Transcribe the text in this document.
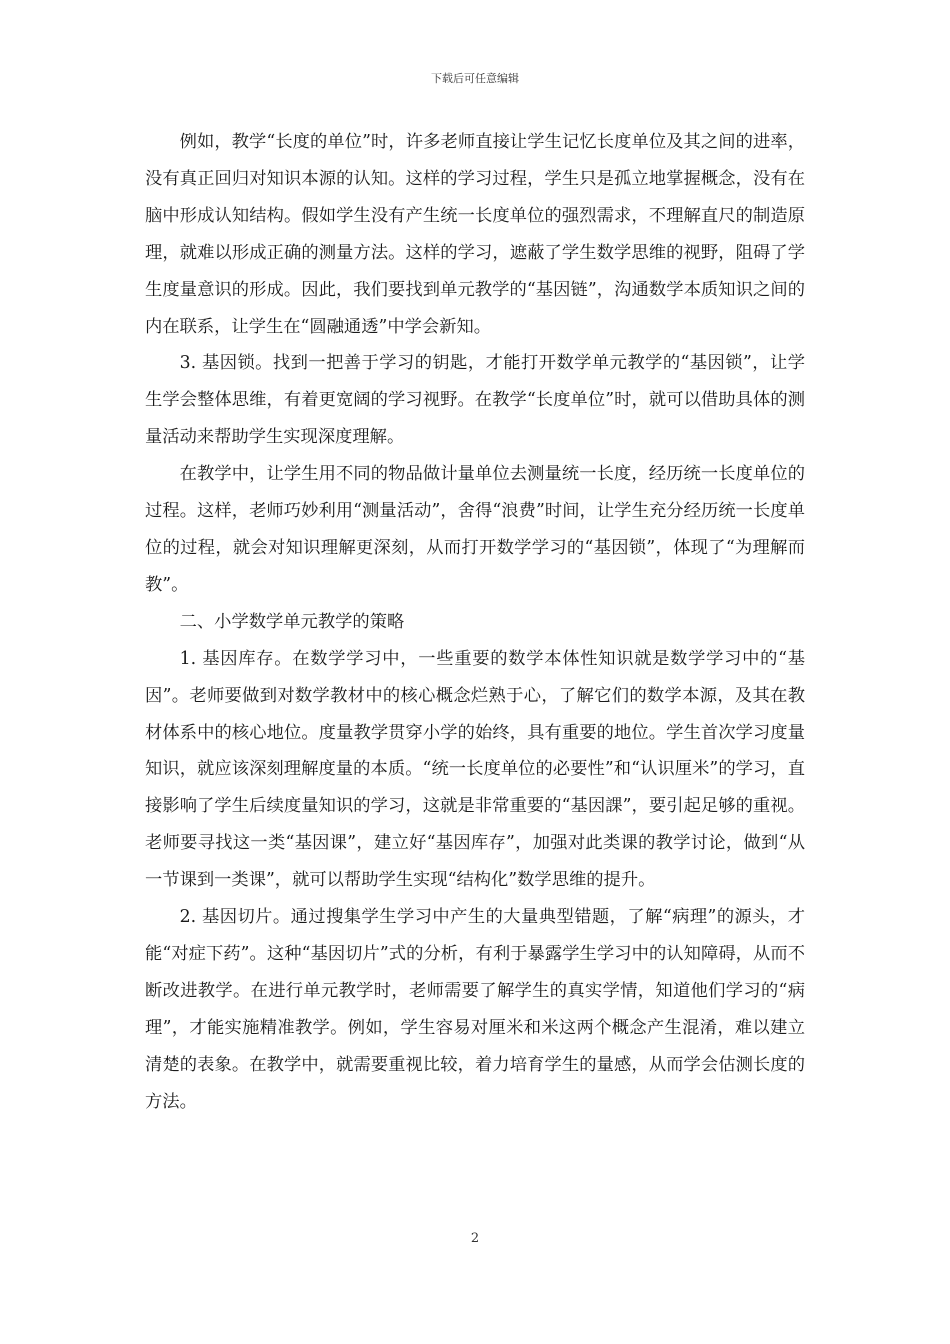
下载后可任意编辑

例如，教学“长度的单位”时，许多老师直接让学生记忆长度单位及其之间的进率，没有真正回归对知识本源的认知。这样的学习过程，学生只是孤立地掌握概念，没有在脑中形成认知结构。假如学生没有产生统一长度单位的强烈需求，不理解直尺的制造原理，就难以形成正确的测量方法。这样的学习，遮蔽了学生数学思维的视野，阻碍了学生度量意识的形成。因此，我们要找到单元教学的“基因链”，沟通数学本质知识之间的内在联系，让学生在“圆融通透”中学会新知。

3. 基因锁。找到一把善于学习的钥匙，才能打开数学单元教学的“基因锁”，让学生学会整体思维，有着更宽阔的学习视野。在教学“长度单位”时，就可以借助具体的测量活动来帮助学生实现深度理解。

在教学中，让学生用不同的物品做计量单位去测量统一长度，经历统一长度单位的过程。这样，老师巧妙利用“测量活动”，舍得“浪费”时间，让学生充分经历统一长度单位的过程，就会对知识理解更深刻，从而打开数学学习的“基因锁”，体现了“为理解而教”。

二、小学数学单元教学的策略

1. 基因库存。在数学学习中，一些重要的数学本体性知识就是数学学习中的“基因”。老师要做到对数学教材中的核心概念烂熟于心，了解它们的数学本源，及其在教材体系中的核心地位。度量教学贯穿小学的始终，具有重要的地位。学生首次学习度量知识，就应该深刻理解度量的本质。“统一长度单位的必要性”和“认识厘米”的学习，直接影响了学生后续度量知识的学习，这就是非常重要的“基因課”，要引起足够的重视。老师要寻找这一类“基因课”，建立好“基因库存”，加强对此类课的教学讨论，做到“从一节课到一类课”，就可以帮助学生实现“结构化”数学思维的提升。

2. 基因切片。通过搜集学生学习中产生的大量典型错题，了解“病理”的源头，才能“对症下药”。这种“基因切片”式的分析，有利于暴露学生学习中的认知障碍，从而不断改进教学。在进行单元教学时，老师需要了解学生的真实学情，知道他们学习的“病理”，才能实施精准教学。例如，学生容易对厘米和米这两个概念产生混淆，难以建立清楚的表象。在教学中，就需要重视比较，着力培育学生的量感，从而学会估测长度的方法。

2
